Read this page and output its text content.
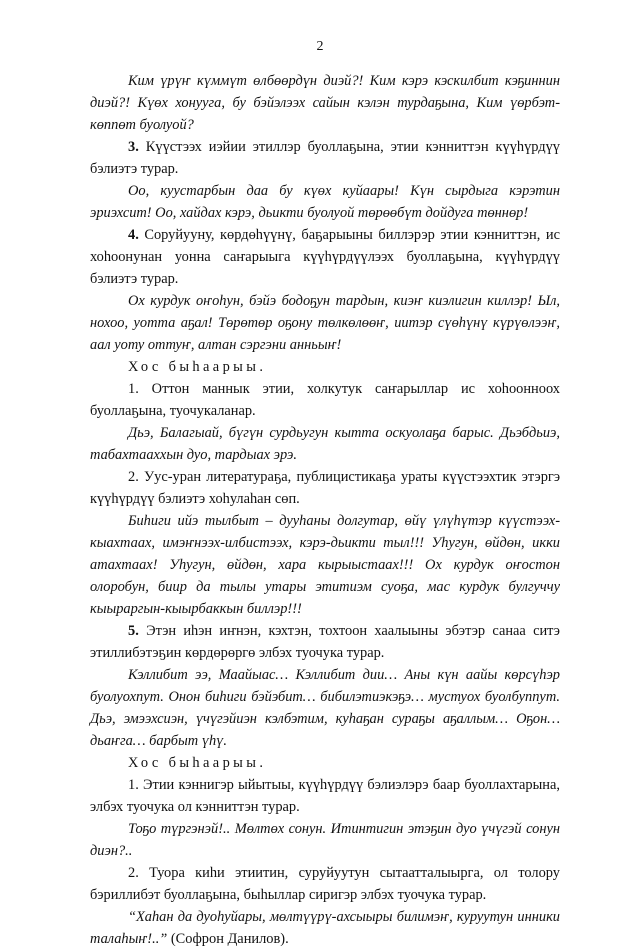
2

Ким үрүҥ күммүт өлбөөрдүн диэй?! Ким кэрэ кэскилбит кэҕиннин диэй?! Күөх хонууга, бу бэйэлээх сайын кэлэн турдаҕына, Ким үөрбэт-көппөт буолуой?

3. Күүстээх иэйии этиллэр буоллаҕына, этии кэнниттэн күүһүрдүү бэлиэтэ турар.

Оо, куустарбын даа бу күөх куйаары! Күн сырдыга кэрэтин эриэхсит! Оо, хайдах кэрэ, дьикти буолуой төрөөбүт дойдуга төннөр!

4. Соруйууну, көрдөһүүнү, баҕарыыны биллэрэр этии кэнниттэн, ис хоһоонунан уонна саҥарыыга күүһүрдүүлээх буоллаҕына, күүһүрдүү бэлиэтэ турар.

Ох курдук оҥоһун, бэйэ бодоҕун тардын, киэҥ киэлигин киллэр! Ыл, нохоо, уотта аҕал! Төрөтөр оҕону төлкөлөөҥ, иитэр сүөһүнү күрүөлээҥ, аал уоту оттуҥ, алтан сэргэни анньыҥ!

Хос быһаарыы.

1. Оттон маннык этии, холкутук саҥарыллар ис хоһоонноох буоллаҕына, туочукаланар.

Дьэ, Балагыай, бүгүн сурдьугун кытта оскуолаҕа барыс. Дьэбдьиэ, табахтааххын дуо, тардыах эрэ.

2. Уус-уран литератураҕа, публицистикаҕа ураты күүстээхтик этэргэ күүһүрдүү бэлиэтэ хоһулаһан сөп.

Биһиги ийэ тылбыт – дууһаны долгутар, өйү үлүһүтэр күүстээх-кыахтаах, имэҥнээх-илбистээх, кэрэ-дьикти тыл!!! Уһугун, өйдөн, икки атахтаах! Уһугун, өйдөн, хара кырыыстаах!!! Ох курдук оҥостон олоробун, биир да тылы утары этитиэм суоҕа, мас курдук булгуччу кыыраргын-кыырбаккын биллэр!!!

5. Этэн иһэн иҥнэн, кэхтэн, тохтоон хаалыыны эбэтэр санаа ситэ этиллибэтэҕин көрдөрөргө элбэх туочука турар.

Кэллибит ээ, Маайыас… Кэллибит дии… Аны күн аайы көрсүһэр буолуохпут. Онон биһиги бэйэбит… бибилэтиэкэҕэ… мустуох буолбуппут. Дьэ, эмээхсиэн, үчүгэйиэн кэлбэтим, куһаҕан сураҕы аҕаллым… Оҕон… дьаҥга… барбыт үһү.

Хос быһаарыы.

1. Этии кэннигэр ыйытыы, күүһүрдүү бэлиэлэрэ баар буоллахтарына, элбэх туочука ол кэнниттэн турар.

Тоҕо түргэнэй!.. Мөлтөх сонун. Итинтигин этэҕин дуо үчүгэй сонун диэн?..

2. Туора киһи этиитин, суруйуутун сытаатталыырга, ол толору бэриллибэт буоллаҕына, быһыллар сиригэр элбэх туочука турар.

“Хаһан да дуоһуйары, мөлтүүрү-ахсыыры билимэҥ, куруутун инники талаһыҥ!..” (Софрон Данилов).
